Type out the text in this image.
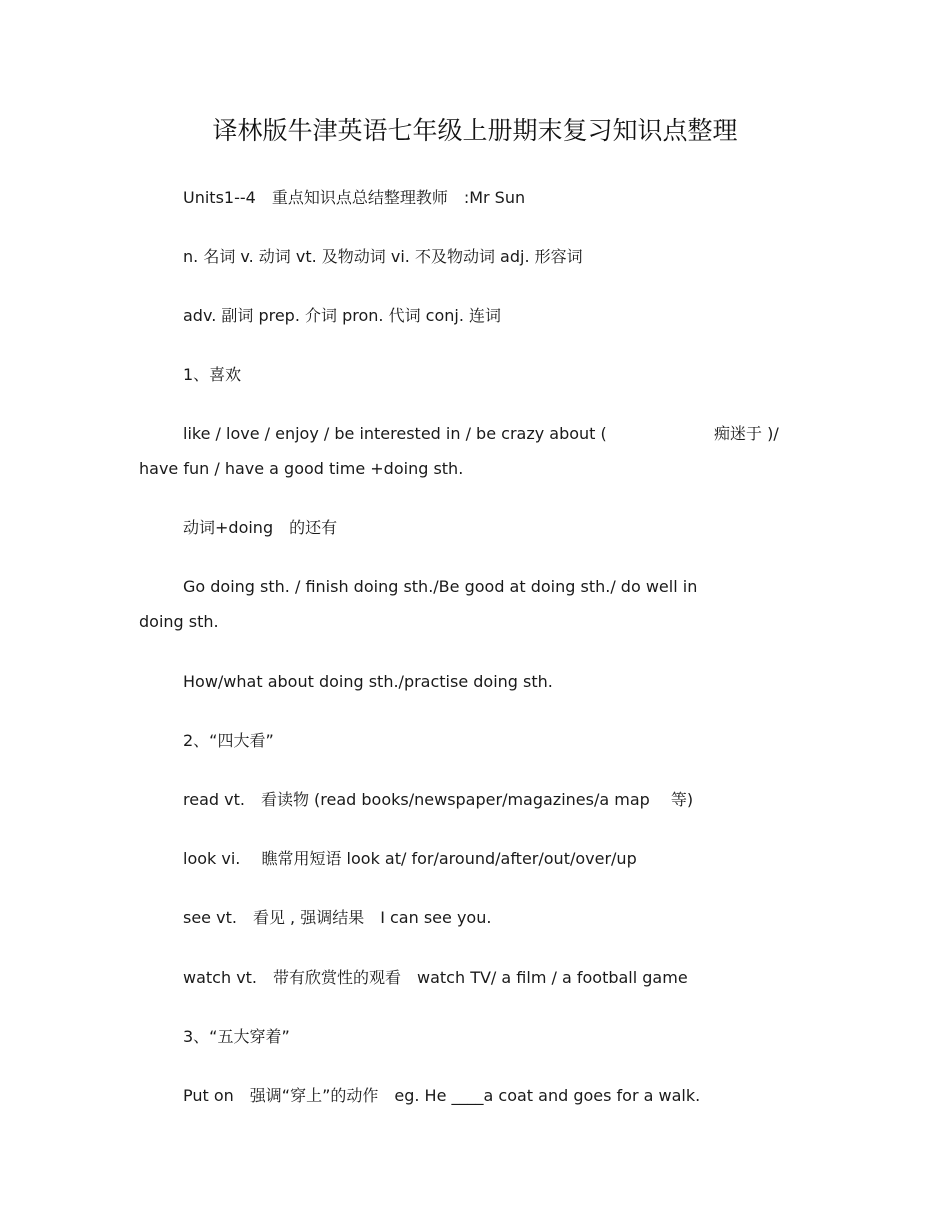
译林版牛津英语七年级上册期末复习知识点整理
Units1--4　重点知识点总结整理教师　:Mr Sun
n. 名词 v. 动词 vt. 及物动词 vi. 不及物动词 adj. 形容词
adv. 副词 prep. 介词 pron. 代词 conj. 连词
1、喜欢
like / love / enjoy / be interested in / be crazy about (	痴迷于 )/
have fun / have a good time +doing sth.
动词+doing　的还有
Go doing sth. / finish doing sth./Be good at doing sth./ do well in
doing sth.
How/what about doing sth./practise doing sth.
2、“四大看”
read vt.　看读物 (read books/newspaper/magazines/a map　 等)
look vi.　 瞧常用短语 look at/ for/around/after/out/over/up
see vt.　看见 , 强调结果　I can see you.
watch vt.　带有欣赏性的观看　watch TV/ a film / a football game
3、“五大穿着”
Put on　强调“穿上”的动作　eg. He ____a coat and goes for a walk.
